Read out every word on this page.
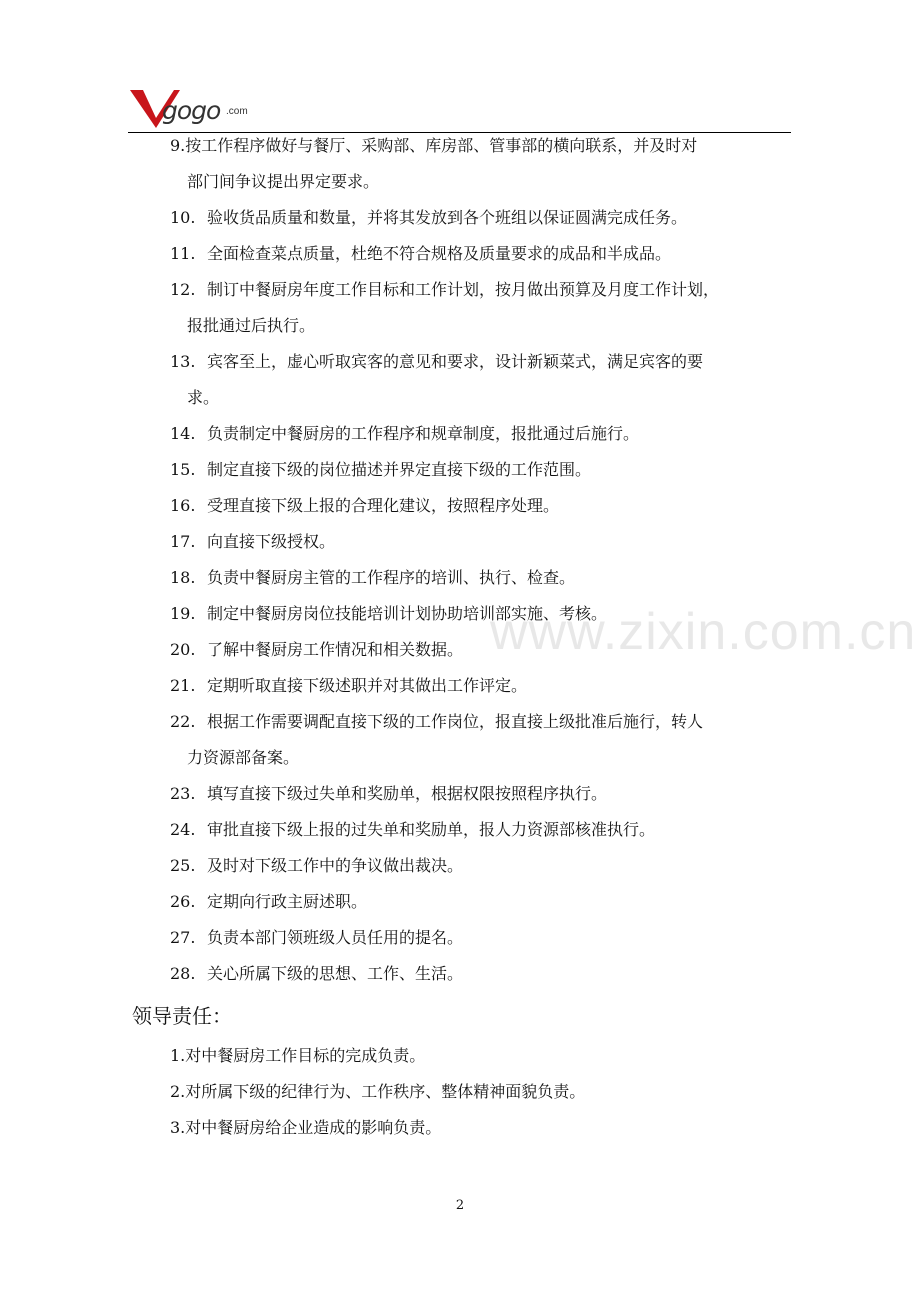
gogo .com
www.zixin.com.cn
9.按工作程序做好与餐厅、采购部、库房部、管事部的横向联系，并及时对
部门间争议提出界定要求。
10. 验收货品质量和数量，并将其发放到各个班组以保证圆满完成任务。
11. 全面检查菜点质量，杜绝不符合规格及质量要求的成品和半成品。
12. 制订中餐厨房年度工作目标和工作计划，按月做出预算及月度工作计划，
报批通过后执行。
13. 宾客至上，虚心听取宾客的意见和要求，设计新颖菜式，满足宾客的要
求。
14. 负责制定中餐厨房的工作程序和规章制度，报批通过后施行。
15. 制定直接下级的岗位描述并界定直接下级的工作范围。
16. 受理直接下级上报的合理化建议，按照程序处理。
17. 向直接下级授权。
18. 负责中餐厨房主管的工作程序的培训、执行、检查。
19. 制定中餐厨房岗位技能培训计划协助培训部实施、考核。
20. 了解中餐厨房工作情况和相关数据。
21. 定期听取直接下级述职并对其做出工作评定。
22. 根据工作需要调配直接下级的工作岗位，报直接上级批准后施行，转人
力资源部备案。
23. 填写直接下级过失单和奖励单，根据权限按照程序执行。
24. 审批直接下级上报的过失单和奖励单，报人力资源部核准执行。
25. 及时对下级工作中的争议做出裁决。
26. 定期向行政主厨述职。
27. 负责本部门领班级人员任用的提名。
28. 关心所属下级的思想、工作、生活。
领导责任：
1.对中餐厨房工作目标的完成负责。
2.对所属下级的纪律行为、工作秩序、整体精神面貌负责。
3.对中餐厨房给企业造成的影响负责。
2
